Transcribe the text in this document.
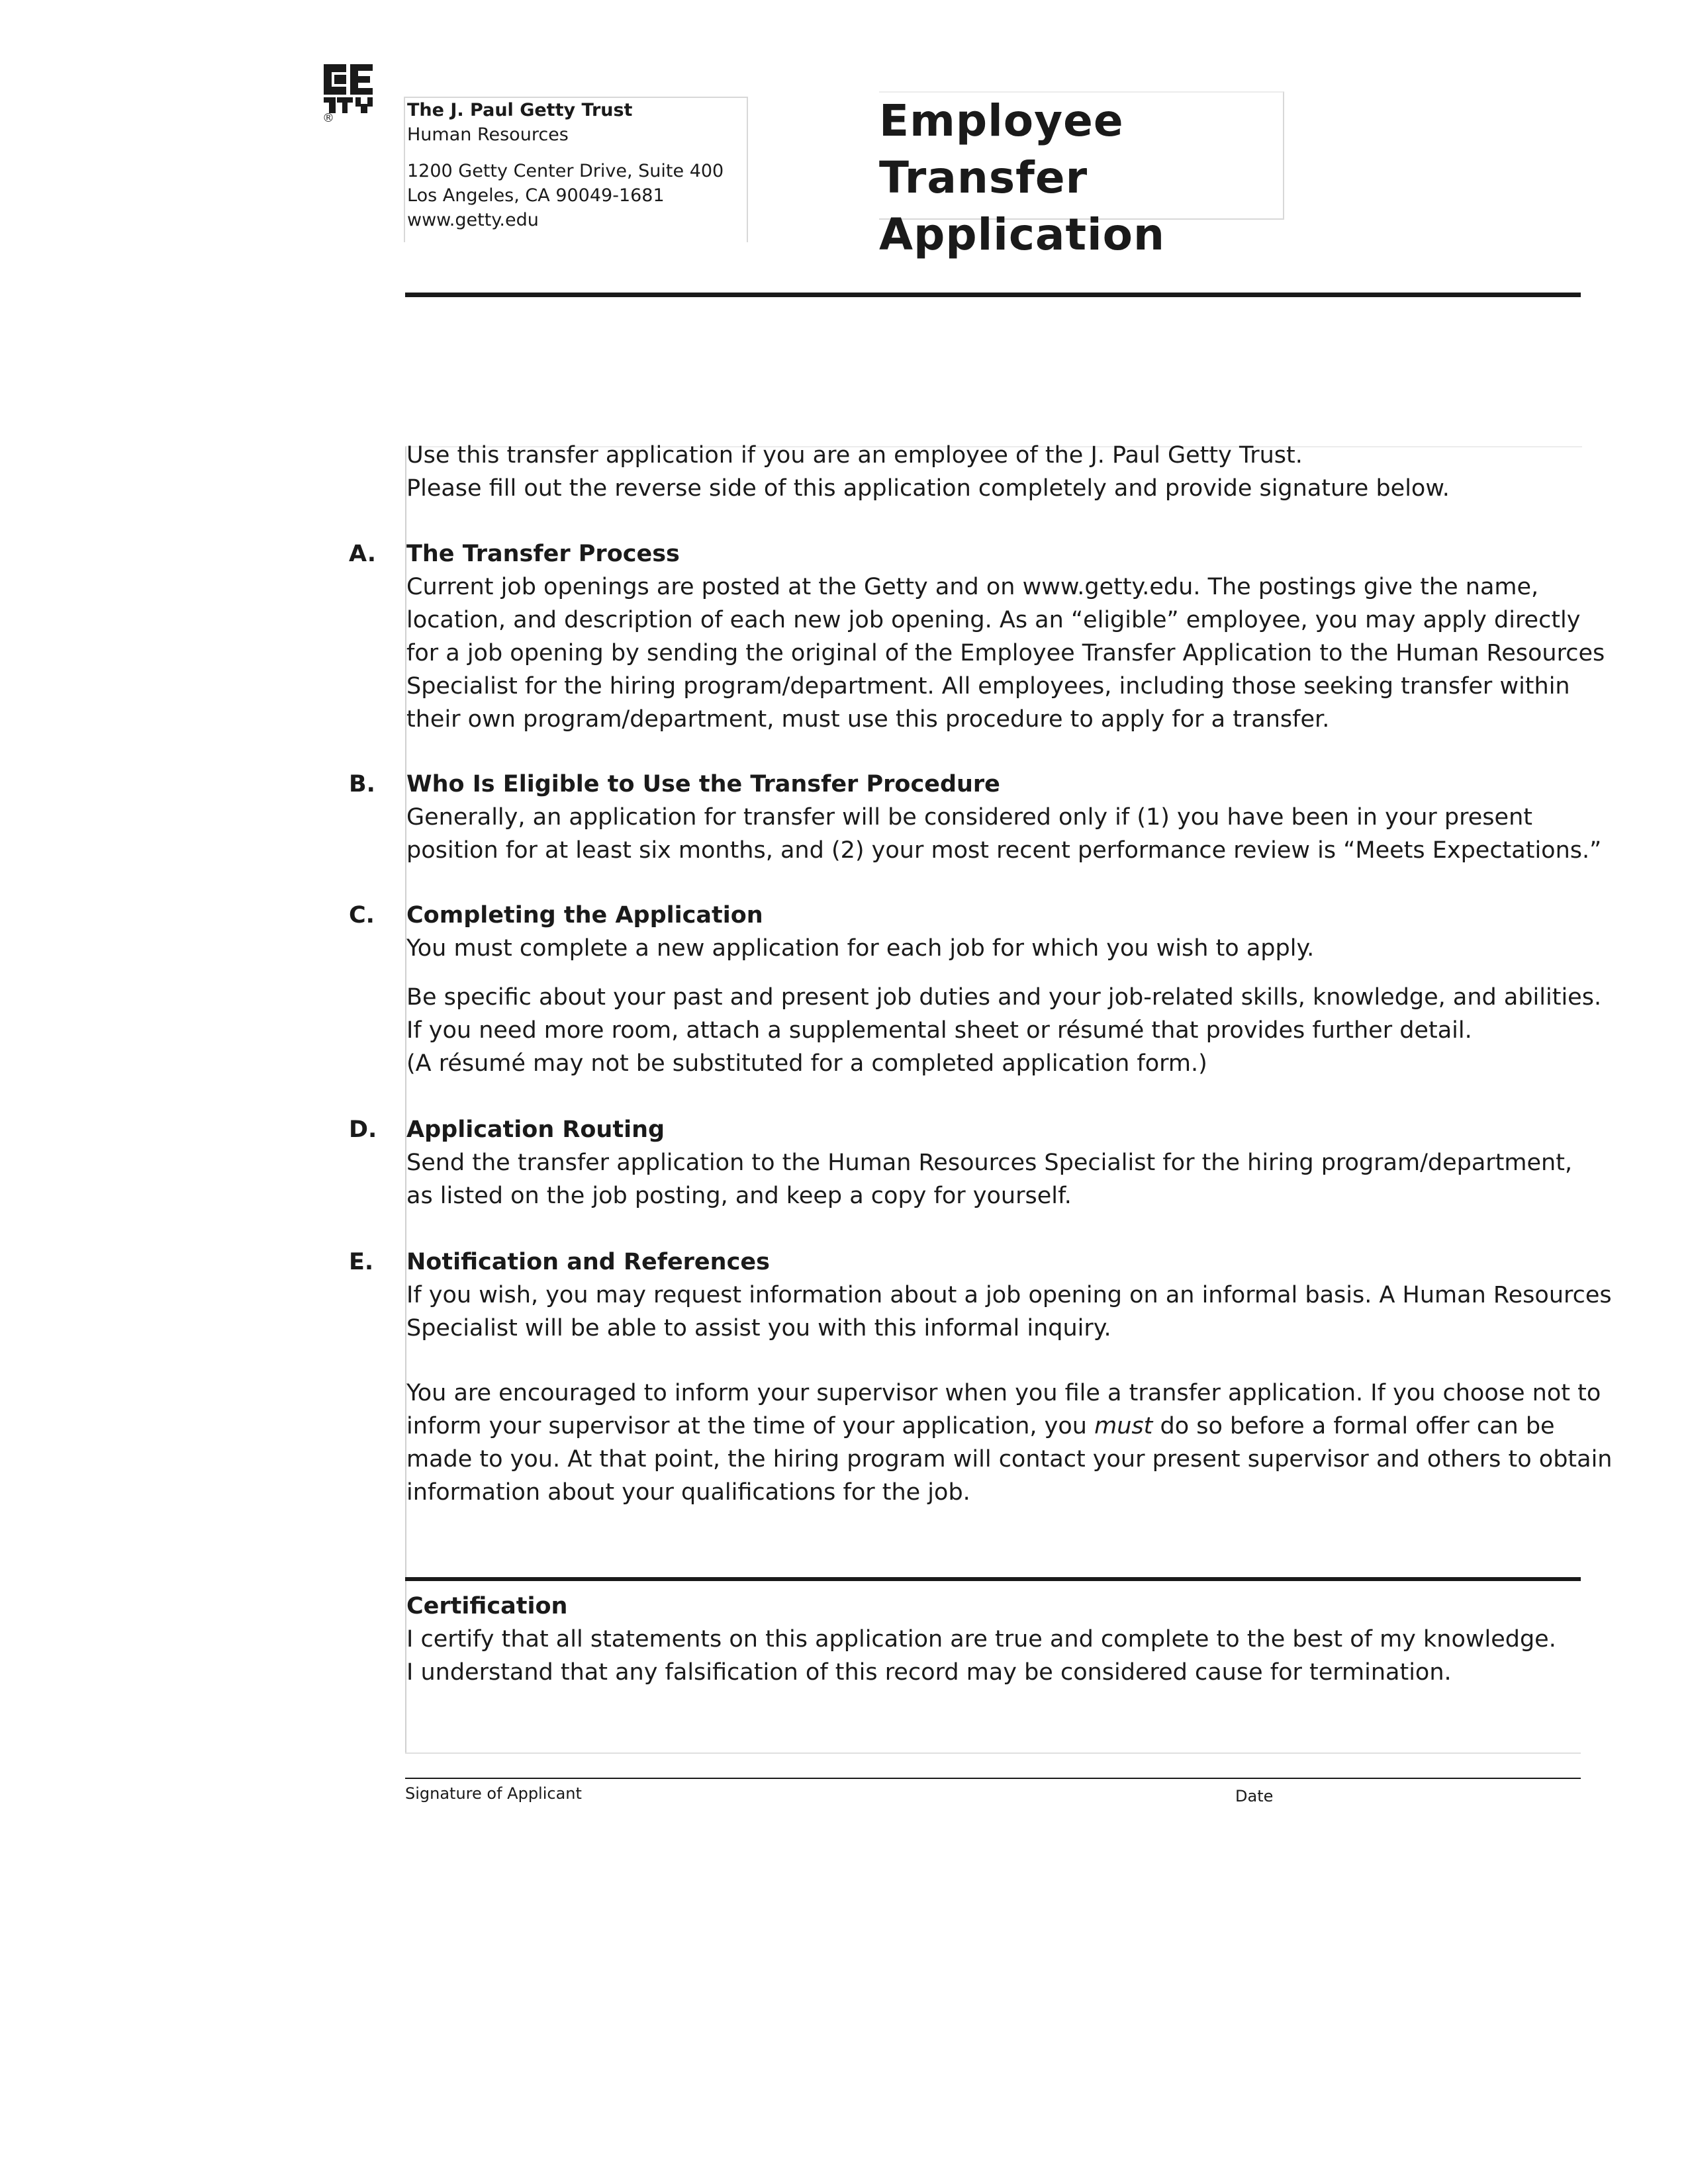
®	The J. Paul Getty Trust
Human Resources
1200 Getty Center Drive, Suite 400
Los Angeles, CA 90049-1681
www.getty.edu
Employee Transfer
Application
Use this transfer application if you are an employee of the J. Paul Getty Trust.
Please fill out the reverse side of this application completely and provide signature below.
A. The Transfer Process
Current job openings are posted at the Getty and on www.getty.edu. The postings give the name,
location, and description of each new job opening. As an “eligible” employee, you may apply directly
for a job opening by sending the original of the Employee Transfer Application to the Human Resources
Specialist for the hiring program/department. All employees, including those seeking transfer within
their own program/department, must use this procedure to apply for a transfer.
B. Who Is Eligible to Use the Transfer Procedure
Generally, an application for transfer will be considered only if (1) you have been in your present
position for at least six months, and (2) your most recent performance review is “Meets Expectations.”
C. Completing the Application
You must complete a new application for each job for which you wish to apply.
Be specific about your past and present job duties and your job-related skills, knowledge, and abilities.
If you need more room, attach a supplemental sheet or résumé that provides further detail.
(A résumé may not be substituted for a completed application form.)
D. Application Routing
Send the transfer application to the Human Resources Specialist for the hiring program/department,
as listed on the job posting, and keep a copy for yourself.
E. Notification and References
If you wish, you may request information about a job opening on an informal basis. A Human Resources
Specialist will be able to assist you with this informal inquiry.
You are encouraged to inform your supervisor when you file a transfer application. If you choose not to
inform your supervisor at the time of your application, you must do so before a formal offer can be
made to you. At that point, the hiring program will contact your present supervisor and others to obtain
information about your qualifications for the job.
Certification
I certify that all statements on this application are true and complete to the best of my knowledge.
I understand that any falsification of this record may be considered cause for termination.
Signature of Applicant	Date
